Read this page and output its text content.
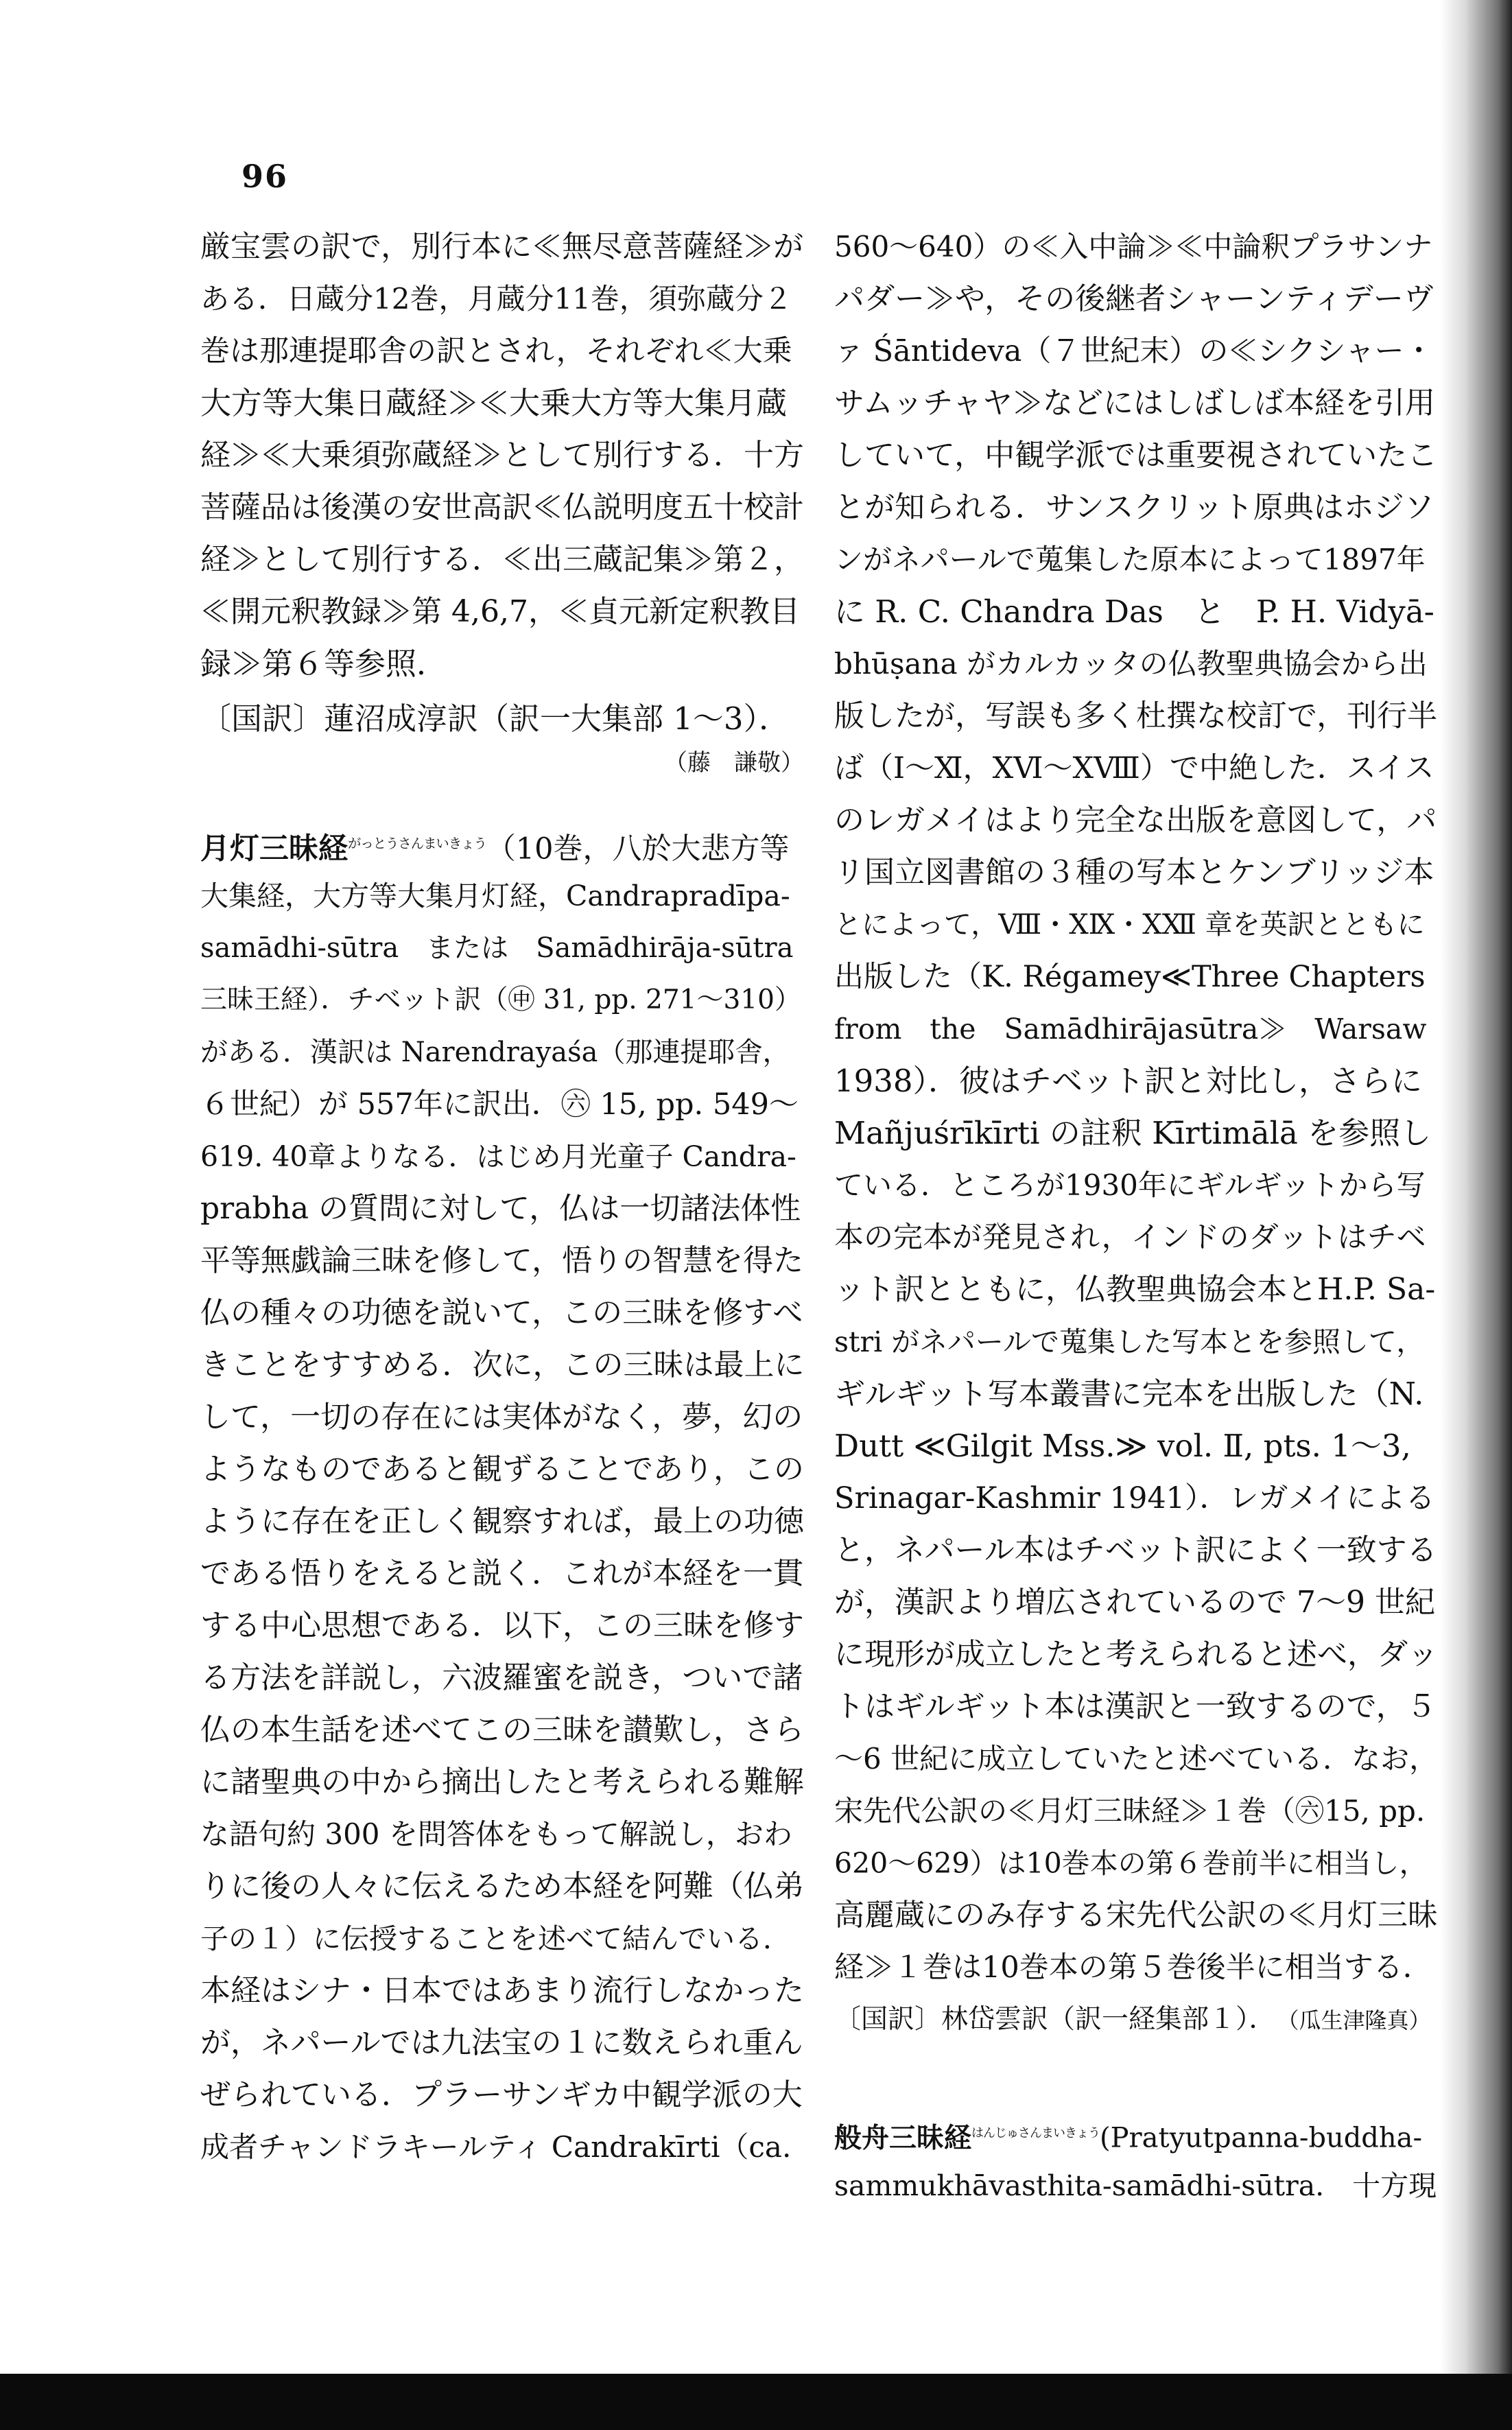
96
厳宝雲の訳で，別行本に≪無尽意菩薩経≫が
ある．日蔵分12巻，月蔵分11巻，須弥蔵分２
巻は那連提耶舎の訳とされ，それぞれ≪大乗
大方等大集日蔵経≫≪大乗大方等大集月蔵
経≫≪大乗須弥蔵経≫として別行する．十方
菩薩品は後漢の安世高訳≪仏説明度五十校計
経≫として別行する．≪出三蔵記集≫第２，
≪開元釈教録≫第 4,6,7，≪貞元新定釈教目
録≫第６等参照．
〔国訳〕蓮沼成淳訳（訳一大集部 1～3）．
（藤　謙敬）
月灯三昧経$^{がっとうさんまいきょう}$（10巻，八於大悲方等
大集経，大方等大集月灯経，Candrapradīpa-
samādhi-sūtra　または　Samādhirāja-sūtra
三昧王経）．チベット訳（㊥ 31, pp. 271～310）
がある．漢訳は Narendrayaśa（那連提耶舎，
６世紀）が 557年に訳出．㊅ 15, pp. 549～
619. 40章よりなる．はじめ月光童子 Candra-
prabha の質問に対して，仏は一切諸法体性
平等無戯論三昧を修して，悟りの智慧を得た
仏の種々の功徳を説いて，この三昧を修すべ
きことをすすめる．次に，この三昧は最上に
して，一切の存在には実体がなく，夢，幻の
ようなものであると観ずることであり，この
ように存在を正しく観察すれば，最上の功徳
である悟りをえると説く．これが本経を一貫
する中心思想である．以下，この三昧を修す
る方法を詳説し，六波羅蜜を説き，ついで諸
仏の本生話を述べてこの三昧を讃歎し，さら
に諸聖典の中から摘出したと考えられる難解
な語句約 300 を問答体をもって解説し，おわ
りに後の人々に伝えるため本経を阿難（仏弟
子の１）に伝授することを述べて結んでいる．
本経はシナ・日本ではあまり流行しなかった
が，ネパールでは九法宝の１に数えられ重ん
ぜられている．プラーサンギカ中観学派の大
成者チャンドラキールティ Candrakīrti（ca.
560～640）の≪入中論≫≪中論釈プラサンナ
パダー≫や，その後継者シャーンティデーヴ
ァ Śāntideva（７世紀末）の≪シクシャー・
サムッチャヤ≫などにはしばしば本経を引用
していて，中観学派では重要視されていたこ
とが知られる．サンスクリット原典はホジソ
ンがネパールで蒐集した原本によって1897年
に R. C. Chandra Das　と　P. H. Vidyā-
bhūṣana がカルカッタの仏教聖典協会から出
版したが，写誤も多く杜撰な校訂で，刊行半
ば（Ⅰ～Ⅺ，ⅩⅥ～ⅩⅧ）で中絶した．スイス
のレガメイはより完全な出版を意図して，パ
リ国立図書館の３種の写本とケンブリッジ本
とによって，Ⅷ・ⅩⅨ・ⅩⅫ 章を英訳とともに
出版した（K. Régamey≪Three Chapters
from　the　Samādhirājasūtra≫　Warsaw
1938）．彼はチベット訳と対比し，さらに
Mañjuśrīkīrti の註釈 Kīrtimālā を参照し
ている．ところが1930年にギルギットから写
本の完本が発見され，インドのダットはチベ
ット訳とともに，仏教聖典協会本とH.P. Sa-
stri がネパールで蒐集した写本とを参照して，
ギルギット写本叢書に完本を出版した（N.
Dutt ≪Gilgit Mss.≫ vol. Ⅱ, pts. 1～3,
Srinagar-Kashmir 1941）．レガメイによる
と，ネパール本はチベット訳によく一致する
が，漢訳より増広されているので 7～9 世紀
に現形が成立したと考えられると述べ，ダッ
トはギルギット本は漢訳と一致するので，５
～6 世紀に成立していたと述べている．なお，
宋先代公訳の≪月灯三昧経≫１巻（㊅15, pp.
620～629）は10巻本の第６巻前半に相当し，
高麗蔵にのみ存する宋先代公訳の≪月灯三昧
経≫１巻は10巻本の第５巻後半に相当する．
〔国訳〕林岱雲訳（訳一経集部１）． （瓜生津隆真）
般舟三昧経$^{はんじゅさんまいきょう}$(Pratyutpanna-buddha-
sammukhāvasthita-samādhi-sūtra.　十方現
